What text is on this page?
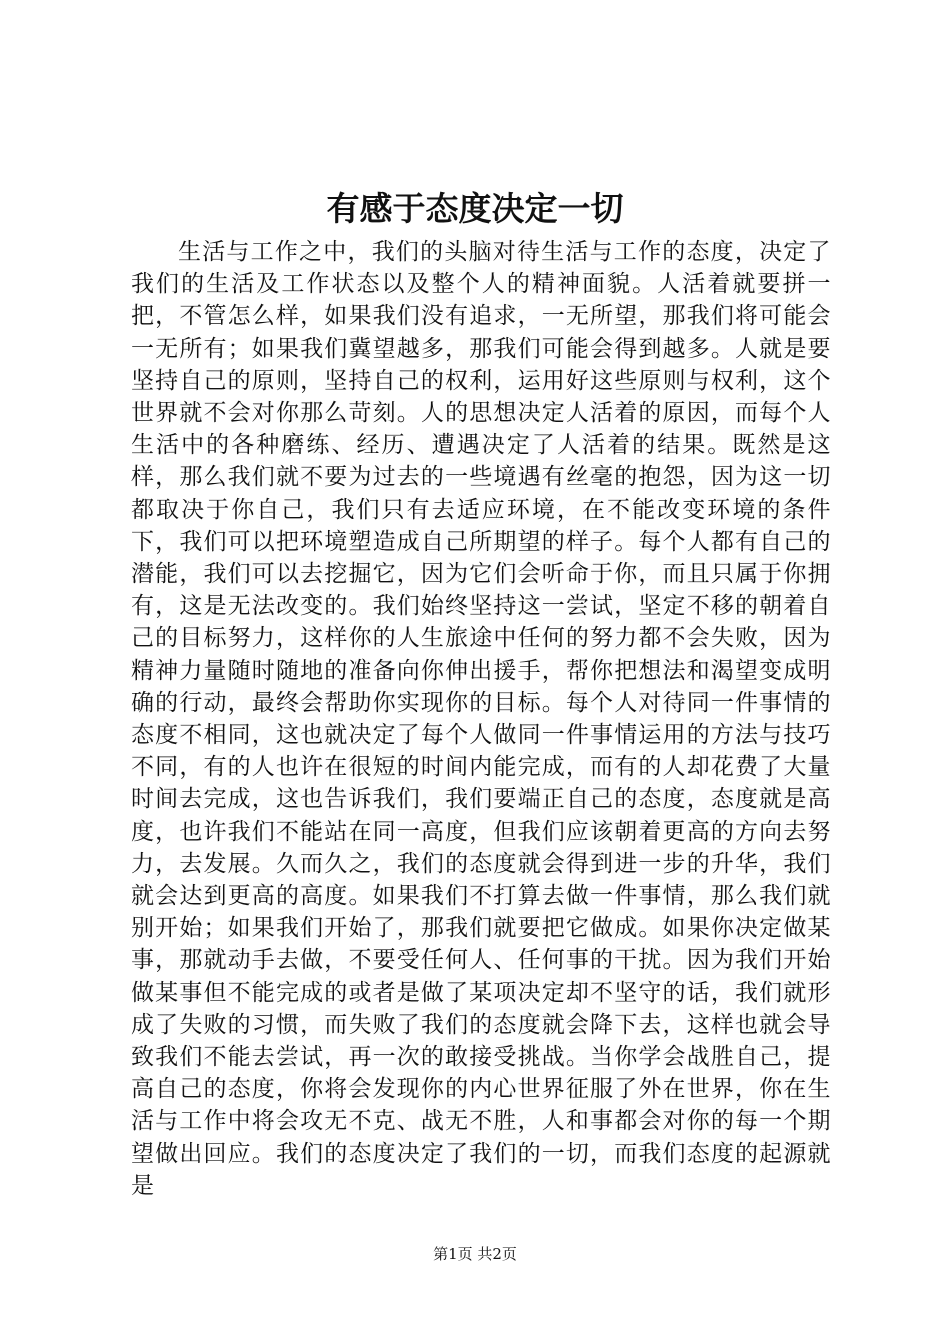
有感于态度决定一切

生活与工作之中，我们的头脑对待生活与工作的态度，决定了我们的生活及工作状态以及整个人的精神面貌。人活着就要拼一把，不管怎么样，如果我们没有追求，一无所望，那我们将可能会一无所有；如果我们冀望越多，那我们可能会得到越多。人就是要坚持自己的原则，坚持自己的权利，运用好这些原则与权利，这个世界就不会对你那么苛刻。人的思想决定人活着的原因，而每个人生活中的各种磨练、经历、遭遇决定了人活着的结果。既然是这样，那么我们就不要为过去的一些境遇有丝毫的抱怨，因为这一切都取决于你自己，我们只有去适应环境，在不能改变环境的条件下，我们可以把环境塑造成自己所期望的样子。每个人都有自己的潜能，我们可以去挖掘它，因为它们会听命于你，而且只属于你拥有，这是无法改变的。我们始终坚持这一尝试，坚定不移的朝着自己的目标努力，这样你的人生旅途中任何的努力都不会失败，因为精神力量随时随地的准备向你伸出援手，帮你把想法和渴望变成明确的行动，最终会帮助你实现你的目标。每个人对待同一件事情的态度不相同，这也就决定了每个人做同一件事情运用的方法与技巧不同，有的人也许在很短的时间内能完成，而有的人却花费了大量时间去完成，这也告诉我们，我们要端正自己的态度，态度就是高度，也许我们不能站在同一高度，但我们应该朝着更高的方向去努力，去发展。久而久之，我们的态度就会得到进一步的升华，我们就会达到更高的高度。如果我们不打算去做一件事情，那么我们就别开始；如果我们开始了，那我们就要把它做成。如果你决定做某事，那就动手去做，不要受任何人、任何事的干扰。因为我们开始做某事但不能完成的或者是做了某项决定却不坚守的话，我们就形成了失败的习惯，而失败了我们的态度就会降下去，这样也就会导致我们不能去尝试，再一次的敢接受挑战。当你学会战胜自己，提高自己的态度，你将会发现你的内心世界征服了外在世界，你在生活与工作中将会攻无不克、战无不胜，人和事都会对你的每一个期望做出回应。我们的态度决定了我们的一切，而我们态度的起源就是

第1页 共2页
